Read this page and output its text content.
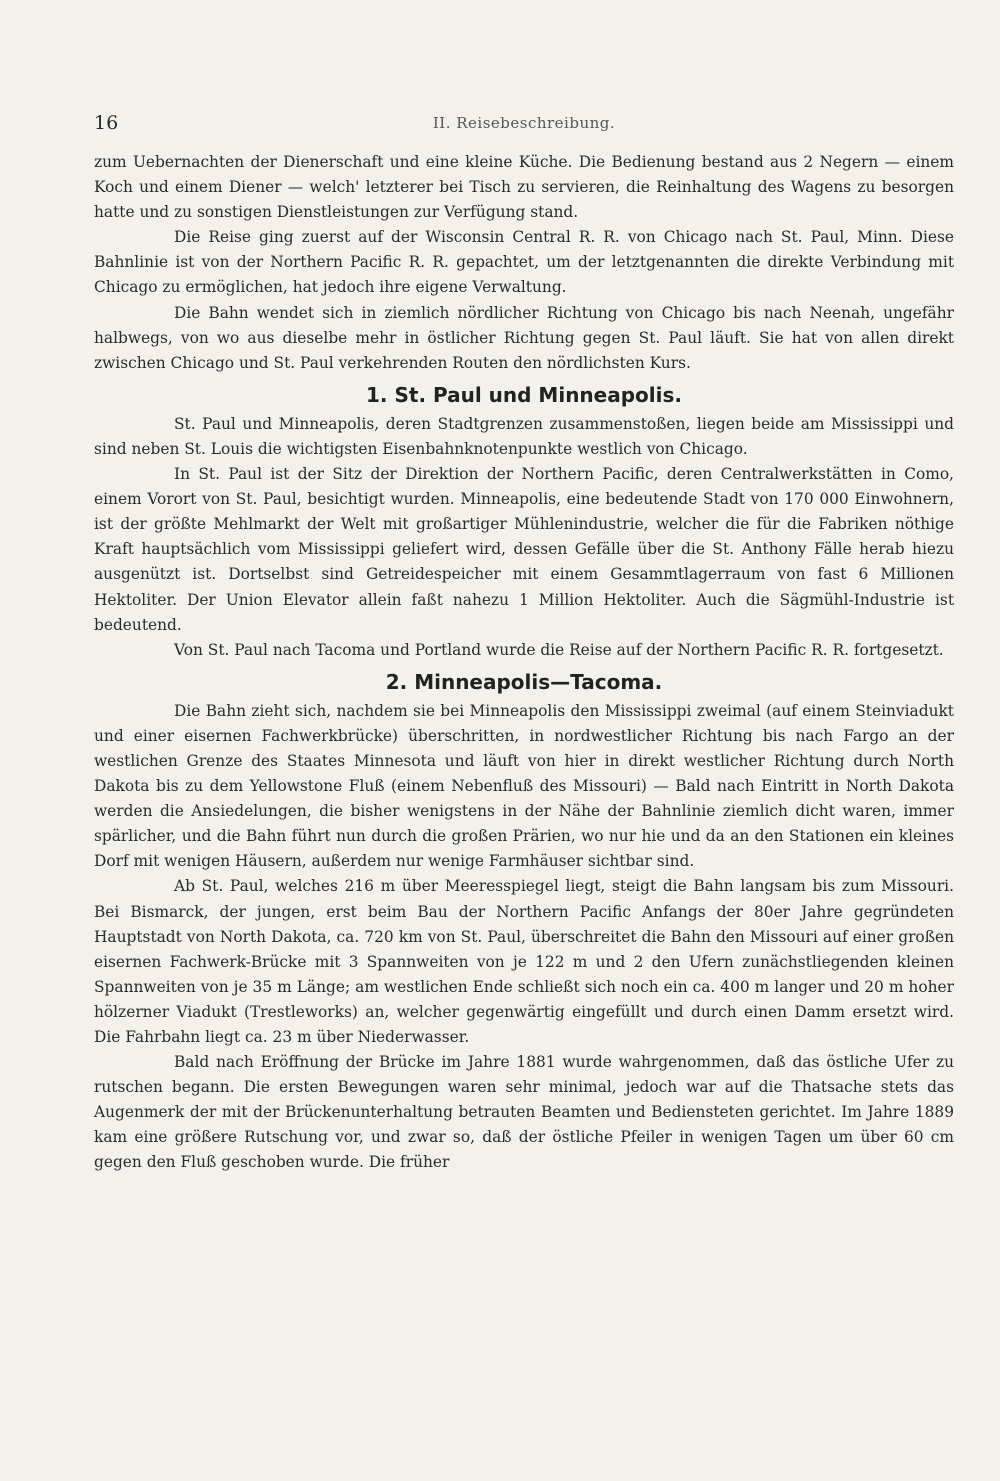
16	II. Reisebeschreibung.

zum Uebernachten der Dienerschaft und eine kleine Küche. Die Bedienung bestand aus 2 Negern — einem Koch und einem Diener — welch' letzterer bei Tisch zu servieren, die Reinhaltung des Wagens zu besorgen hatte und zu sonstigen Dienstleistungen zur Verfügung stand.

Die Reise ging zuerst auf der Wisconsin Central R. R. von Chicago nach St. Paul, Minn. Diese Bahnlinie ist von der Northern Pacific R. R. gepachtet, um der letztgenannten die direkte Verbindung mit Chicago zu ermöglichen, hat jedoch ihre eigene Verwaltung.

Die Bahn wendet sich in ziemlich nördlicher Richtung von Chicago bis nach Neenah, ungefähr halbwegs, von wo aus dieselbe mehr in östlicher Richtung gegen St. Paul läuft. Sie hat von allen direkt zwischen Chicago und St. Paul verkehrenden Routen den nördlichsten Kurs.

1. St. Paul und Minneapolis.

St. Paul und Minneapolis, deren Stadtgrenzen zusammenstoßen, liegen beide am Mississippi und sind neben St. Louis die wichtigsten Eisenbahnknotenpunkte westlich von Chicago.

In St. Paul ist der Sitz der Direktion der Northern Pacific, deren Centralwerkstätten in Como, einem Vorort von St. Paul, besichtigt wurden. Minneapolis, eine bedeutende Stadt von 170 000 Einwohnern, ist der größte Mehlmarkt der Welt mit großartiger Mühlenindustrie, welcher die für die Fabriken nöthige Kraft hauptsächlich vom Mississippi geliefert wird, dessen Gefälle über die St. Anthony Fälle herab hiezu ausgenützt ist. Dortselbst sind Getreidespeicher mit einem Gesammtlagerraum von fast 6 Millionen Hektoliter. Der Union Elevator allein faßt nahezu 1 Million Hektoliter. Auch die Sägmühl-Industrie ist bedeutend.

Von St. Paul nach Tacoma und Portland wurde die Reise auf der Northern Pacific R. R. fortgesetzt.

2. Minneapolis—Tacoma.

Die Bahn zieht sich, nachdem sie bei Minneapolis den Mississippi zweimal (auf einem Steinviadukt und einer eisernen Fachwerkbrücke) überschritten, in nordwestlicher Richtung bis nach Fargo an der westlichen Grenze des Staates Minnesota und läuft von hier in direkt westlicher Richtung durch North Dakota bis zu dem Yellowstone Fluß (einem Nebenfluß des Missouri) — Bald nach Eintritt in North Dakota werden die Ansiedelungen, die bisher wenigstens in der Nähe der Bahnlinie ziemlich dicht waren, immer spärlicher, und die Bahn führt nun durch die großen Prärien, wo nur hie und da an den Stationen ein kleines Dorf mit wenigen Häusern, außerdem nur wenige Farmhäuser sichtbar sind.

Ab St. Paul, welches 216 m über Meeresspiegel liegt, steigt die Bahn langsam bis zum Missouri. Bei Bismarck, der jungen, erst beim Bau der Northern Pacific Anfangs der 80er Jahre gegründeten Hauptstadt von North Dakota, ca. 720 km von St. Paul, überschreitet die Bahn den Missouri auf einer großen eisernen Fachwerk-Brücke mit 3 Spannweiten von je 122 m und 2 den Ufern zunächstliegenden kleinen Spannweiten von je 35 m Länge; am westlichen Ende schließt sich noch ein ca. 400 m langer und 20 m hoher hölzerner Viadukt (Trestleworks) an, welcher gegenwärtig eingefüllt und durch einen Damm ersetzt wird. Die Fahrbahn liegt ca. 23 m über Niederwasser.

Bald nach Eröffnung der Brücke im Jahre 1881 wurde wahrgenommen, daß das östliche Ufer zu rutschen begann. Die ersten Bewegungen waren sehr minimal, jedoch war auf die Thatsache stets das Augenmerk der mit der Brückenunterhaltung betrauten Beamten und Bediensteten gerichtet. Im Jahre 1889 kam eine größere Rutschung vor, und zwar so, daß der östliche Pfeiler in wenigen Tagen um über 60 cm gegen den Fluß geschoben wurde. Die früher
